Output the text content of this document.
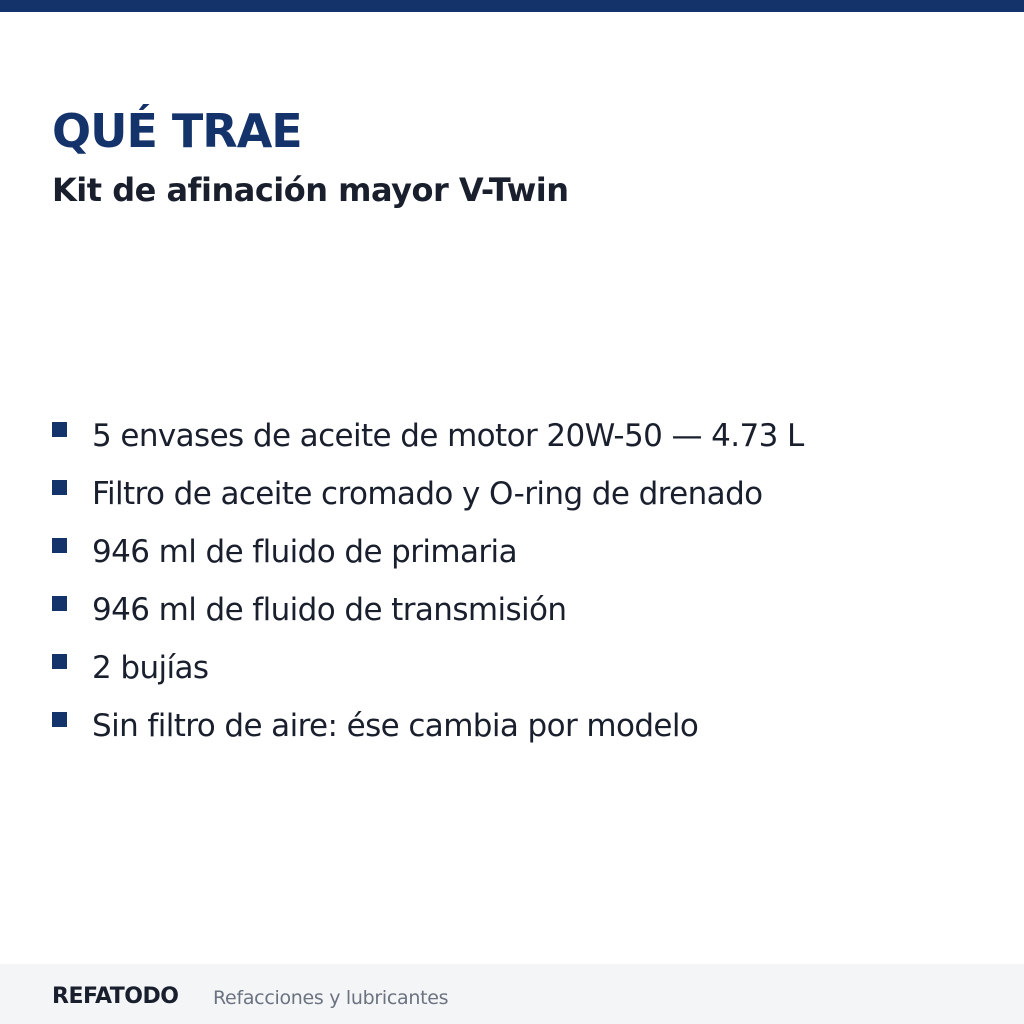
QUÉ TRAE
Kit de afinación mayor V-Twin
5 envases de aceite de motor 20W-50 — 4.73 L
Filtro de aceite cromado y O-ring de drenado
946 ml de fluido de primaria
946 ml de fluido de transmisión
2 bujías
Sin filtro de aire: ése cambia por modelo
REFATODO Refacciones y lubricantes
